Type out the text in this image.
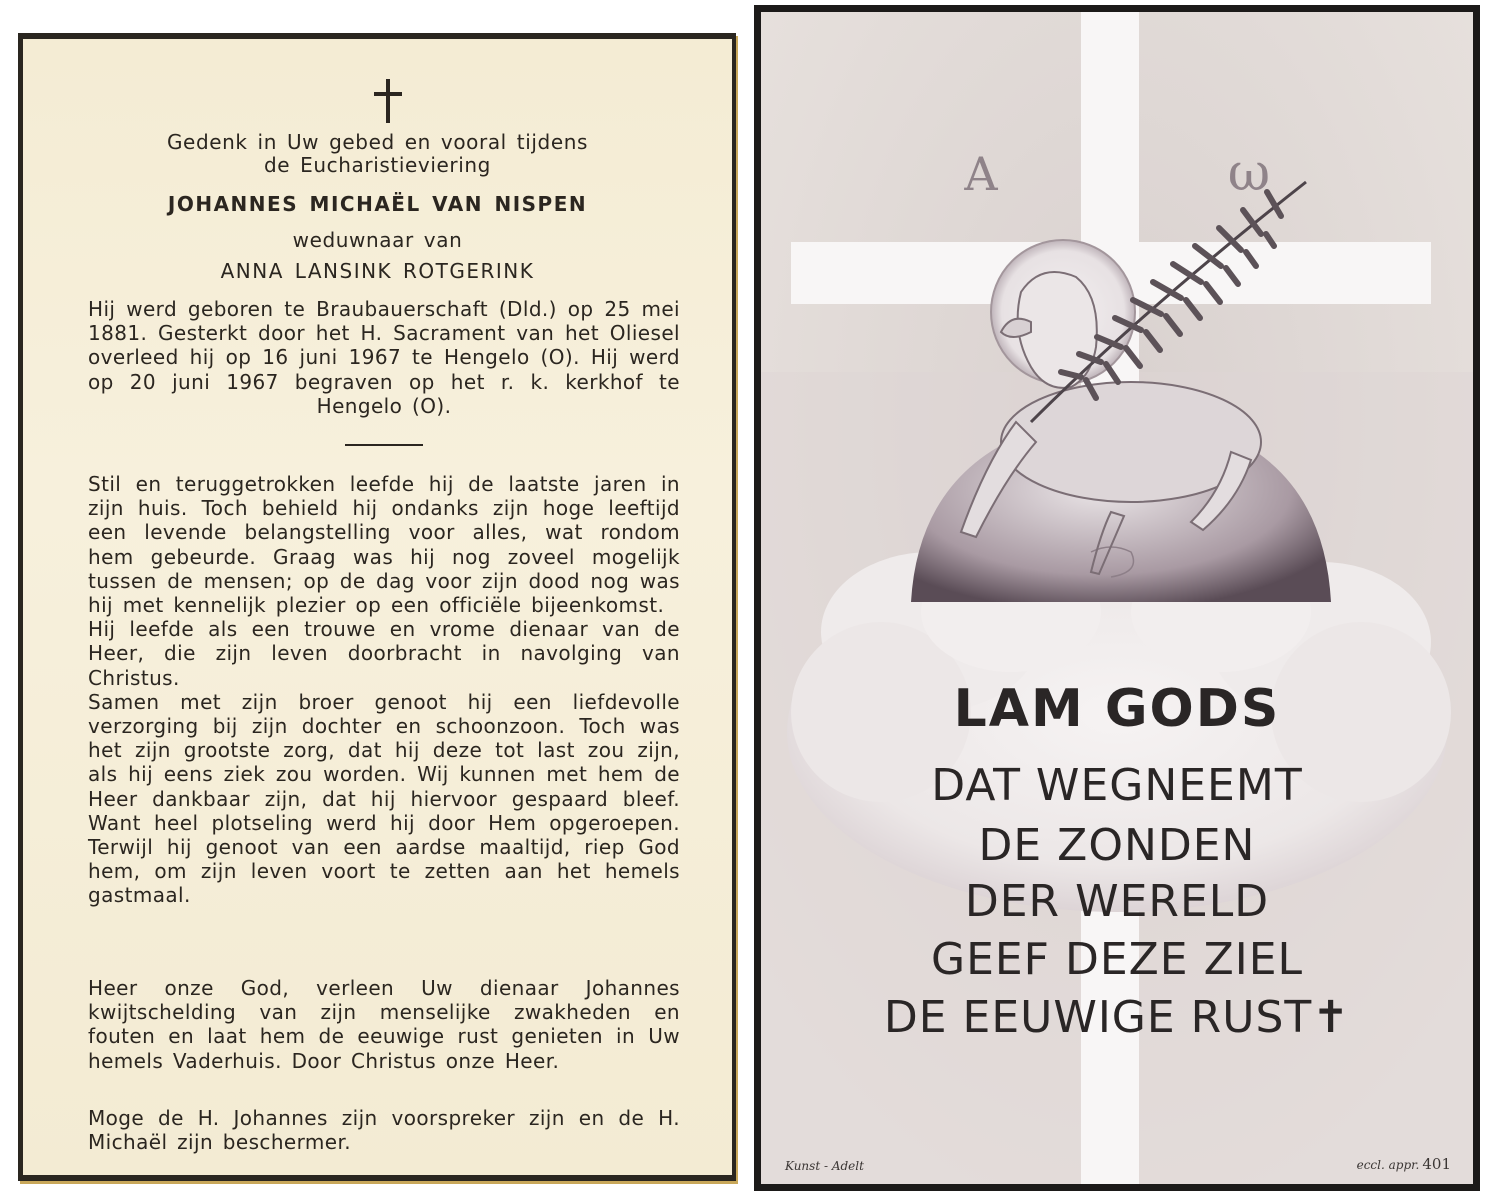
Gedenk in Uw gebed en vooral tijdens
de Eucharistieviering
JOHANNES MICHAËL VAN NISPEN
weduwnaar van
ANNA LANSINK ROTGERINK

Hij werd geboren te Braubauerschaft (Dld.) op 25 mei 1881. Gesterkt door het H. Sacrament van het Oliesel overleed hij op 16 juni 1967 te Hengelo (O). Hij werd op 20 juni 1967 begraven op het r. k. kerkhof te Hengelo (O).

Stil en teruggetrokken leefde hij de laatste jaren in zijn huis. Toch behield hij ondanks zijn hoge leeftijd een levende belangstelling voor alles, wat rondom hem gebeurde. Graag was hij nog zoveel mogelijk tussen de mensen; op de dag voor zijn dood nog was hij met kennelijk plezier op een officiële bijeenkomst.

Hij leefde als een trouwe en vrome dienaar van de Heer, die zijn leven doorbracht in navolging van Christus.

Samen met zijn broer genoot hij een liefdevolle verzorging bij zijn dochter en schoonzoon. Toch was het zijn grootste zorg, dat hij deze tot last zou zijn, als hij eens ziek zou worden. Wij kunnen met hem de Heer dankbaar zijn, dat hij hiervoor gespaard bleef. Want heel plotseling werd hij door Hem opgeroepen. Terwijl hij genoot van een aardse maaltijd, riep God hem, om zijn leven voort te zetten aan het hemels gastmaal.

Heer onze God, verleen Uw dienaar Johannes kwijtschelding van zijn menselijke zwakheden en fouten en laat hem de eeuwige rust genieten in Uw hemels Vaderhuis. Door Christus onze Heer.

Moge de H. Johannes zijn voorspreker zijn en de H. Michaël zijn beschermer.

A	ω
LAM GODS
DAT WEGNEEMT
DE ZONDEN
DER WERELD
GEEF DEZE ZIEL
DE EEUWIGE RUST✝
Kunst - Adelt	eccl. appr. 401
